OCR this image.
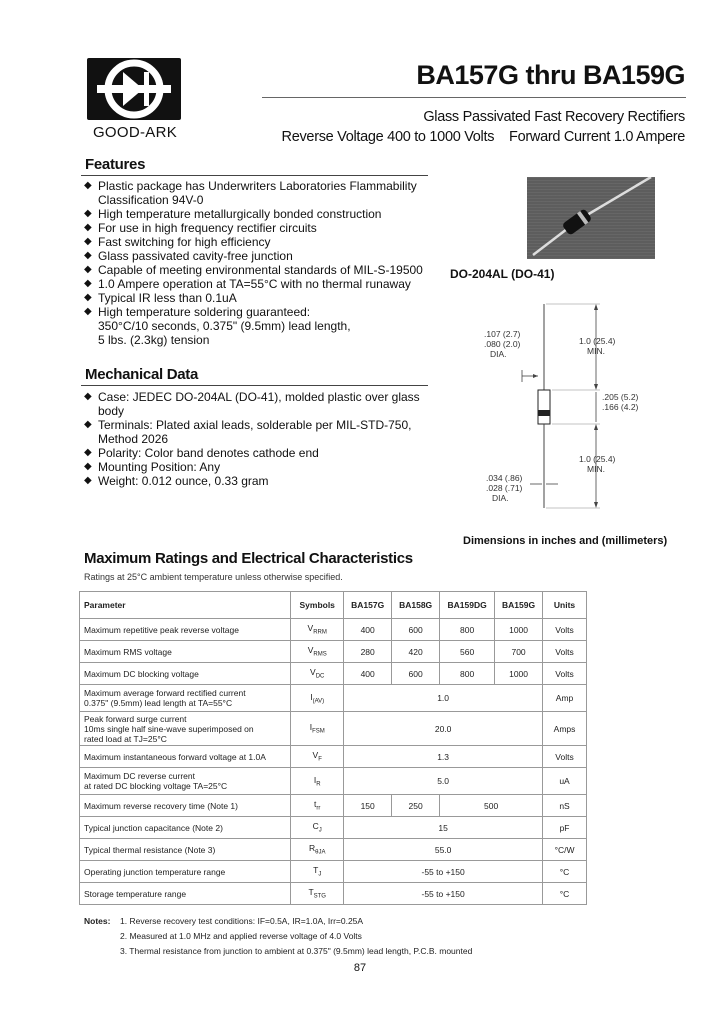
GOOD-ARK
BA157G thru BA159G
Glass Passivated Fast Recovery Rectifiers
Reverse Voltage 400 to 1000 Volts    Forward Current 1.0 Ampere
Features
◆ Plastic package has Underwriters Laboratories Flammability
Classification 94V-0
◆ High temperature metallurgically bonded construction
◆ For use in high frequency rectifier circuits
◆ Fast switching for high efficiency
◆ Glass passivated cavity-free junction
◆ Capable of meeting environmental standards of MIL-S-19500
◆ 1.0 Ampere operation at TA=55°C with no thermal runaway
◆ Typical IR less than 0.1uA
◆ High temperature soldering guaranteed:
350°C/10 seconds, 0.375" (9.5mm) lead length,
5 lbs. (2.3kg) tension
Mechanical Data
◆ Case: JEDEC DO-204AL (DO-41), molded plastic over glass
body
◆ Terminals: Plated axial leads, solderable per MIL-STD-750,
Method 2026
◆ Polarity: Color band denotes cathode end
◆ Mounting Position: Any
◆ Weight: 0.012 ounce, 0.33 gram
DO-204AL (DO-41)
.107 (2.7)
.080 (2.0)
DIA.
1.0 (25.4)
MIN.
.205 (5.2)
.166 (4.2)
1.0 (25.4)
MIN.
.034 (.86)
.028 (.71)
DIA.
Dimensions in inches and (millimeters)
Maximum Ratings and Electrical Characteristics
Ratings at 25°C ambient temperature unless otherwise specified.
Parameter	Symbols	BA157G	BA158G	BA159DG	BA159G	Units
Maximum repetitive peak reverse voltage	$V_{RRM}$	400	600	800	1000	Volts
Maximum RMS voltage	$V_{RMS}$	280	420	560	700	Volts
Maximum DC blocking voltage	$V_{DC}$	400	600	800	1000	Volts

Maximum average forward rectified current
0.375" (9.5mm) lead length at TA=55°C	$I_{(AV)}$	1.0				Amp

Peak forward surge current
10ms single half sine-wave superimposed on
rated load at TJ=25°C	$I_{FSM}$	20.0				Amps
Maximum instantaneous forward voltage at 1.0A	$V_F$	1.3				Volts

Maximum DC reverse current
at rated DC blocking voltage TA=25°C	$I_R$	5.0				uA
Maximum reverse recovery time (Note 1)	$t_{rr}$	150	250	500		nS
Typical junction capacitance (Note 2)	$C_J$	15				pF
Typical thermal resistance (Note 3)	$R_{\theta JA}$	55.0				°C/W
Operating junction temperature range	$T_J$	-55 to +150				°C
Storage temperature range	$T_{STG}$	-55 to +150				°C
Notes: 1. Reverse recovery test conditions: IF=0.5A, IR=1.0A, Irr=0.25A
2. Measured at 1.0 MHz and applied reverse voltage of 4.0 Volts
3. Thermal resistance from junction to ambient at 0.375" (9.5mm) lead length, P.C.B. mounted
87
